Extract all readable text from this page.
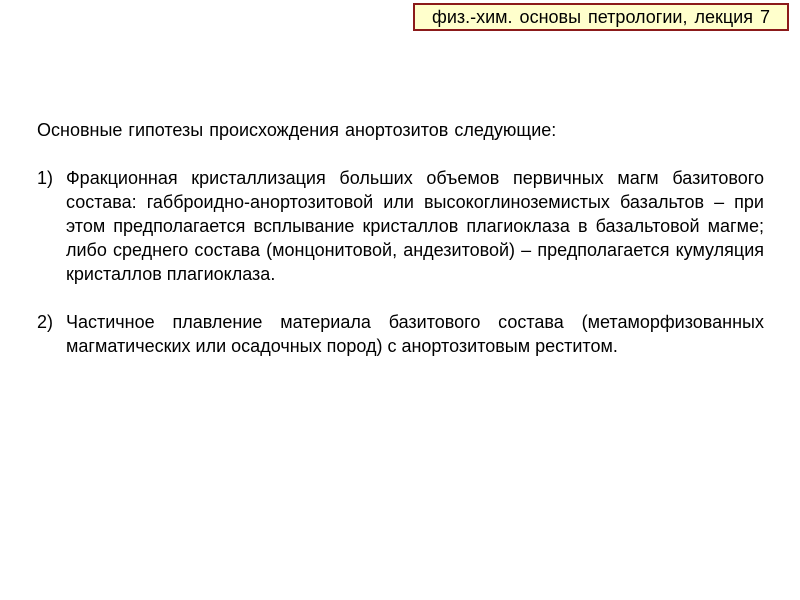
физ.-хим. основы петрологии, лекция 7

Основные гипотезы происхождения анортозитов следующие:

1) Фракционная кристаллизация больших объемов первичных магм базитового состава: габброидно-анортозитовой или высокоглиноземистых базальтов – при этом предполагается всплывание кристаллов плагиоклаза в базальтовой магме; либо среднего состава (монцонитовой, андезитовой) – предполагается кумуляция кристаллов плагиоклаза.
2) Частичное плавление материала базитового состава (метаморфизованных магматических или осадочных пород) с анортозитовым реститом.
